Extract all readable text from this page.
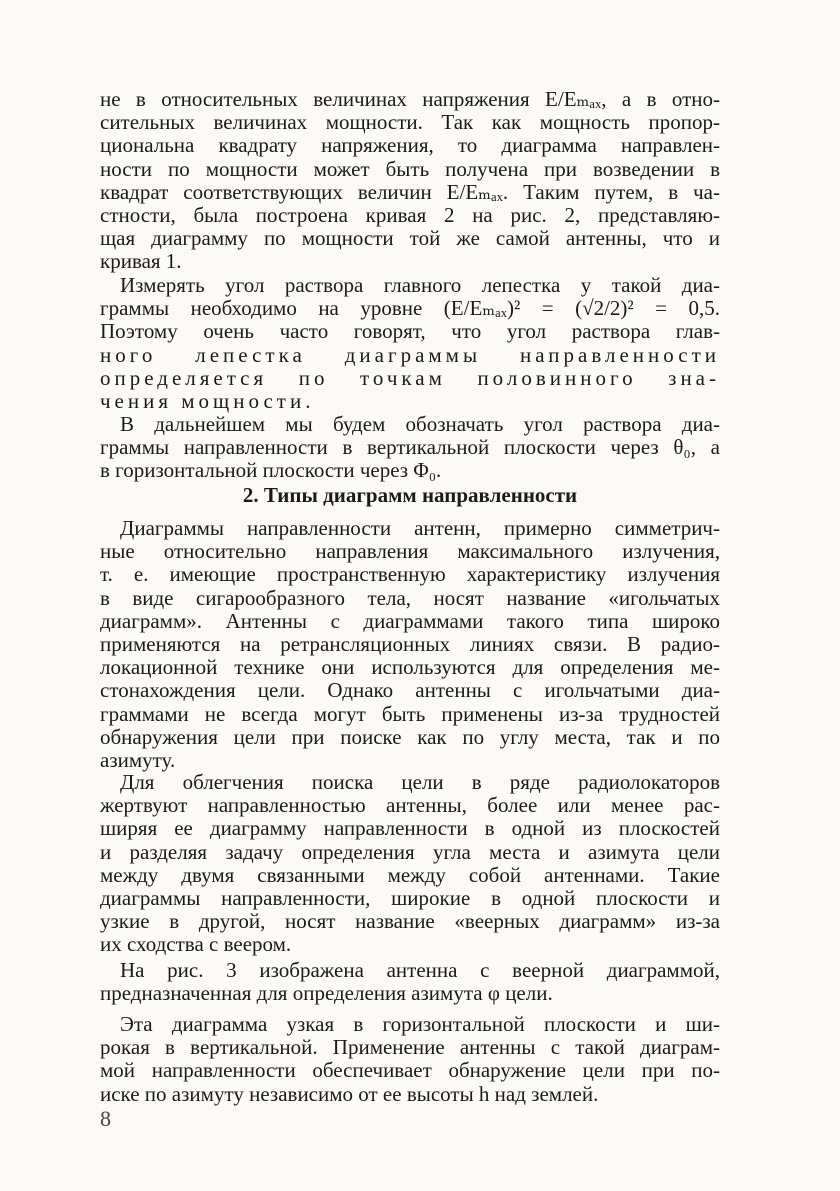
не в относительных величинах напряжения E/Eₘₐₓ, а в отно-
сительных величинах мощности. Так как мощность пропор-
циональна квадрату напряжения, то диаграмма направлен-
ности по мощности может быть получена при возведении в
квадрат соответствующих величин E/Eₘₐₓ. Таким путем, в ча-
стности, была построена кривая 2 на рис. 2, представляю-
щая диаграмму по мощности той же самой антенны, что и
кривая 1.
Измерять угол раствора главного лепестка у такой диа-
граммы необходимо на уровне (E/Eₘₐₓ)² = (√2/2)² = 0,5.
Поэтому очень часто говорят, что угол раствора глав-
ного лепестка диаграммы направленности
определяется по точкам половинного зна-
чения мощности.
В дальнейшем мы будем обозначать угол раствора диа-
граммы направленности в вертикальной плоскости через θ₀, а
в горизонтальной плоскости через Φ₀.
2. Типы диаграмм направленности
Диаграммы направленности антенн, примерно симметрич-
ные относительно направления максимального излучения,
т. е. имеющие пространственную характеристику излучения
в виде сигарообразного тела, носят название «игольчатых
диаграмм». Антенны с диаграммами такого типа широко
применяются на ретрансляционных линиях связи. В радио-
локационной технике они используются для определения ме-
стонахождения цели. Однако антенны с игольчатыми диа-
граммами не всегда могут быть применены из-за трудностей
обнаружения цели при поиске как по углу места, так и по
азимуту.
Для облегчения поиска цели в ряде радиолокаторов
жертвуют направленностью антенны, более или менее рас-
ширяя ее диаграмму направленности в одной из плоскостей
и разделяя задачу определения угла места и азимута цели
между двумя связанными между собой антеннами. Такие
диаграммы направленности, широкие в одной плоскости и
узкие в другой, носят название «веерных диаграмм» из-за
их сходства с веером.
На рис. 3 изображена антенна с веерной диаграммой,
предназначенная для определения азимута φ цели.
Эта диаграмма узкая в горизонтальной плоскости и ши-
рокая в вертикальной. Применение антенны с такой диаграм-
мой направленности обеспечивает обнаружение цели при по-
иске по азимуту независимо от ее высоты h над землей.
8
